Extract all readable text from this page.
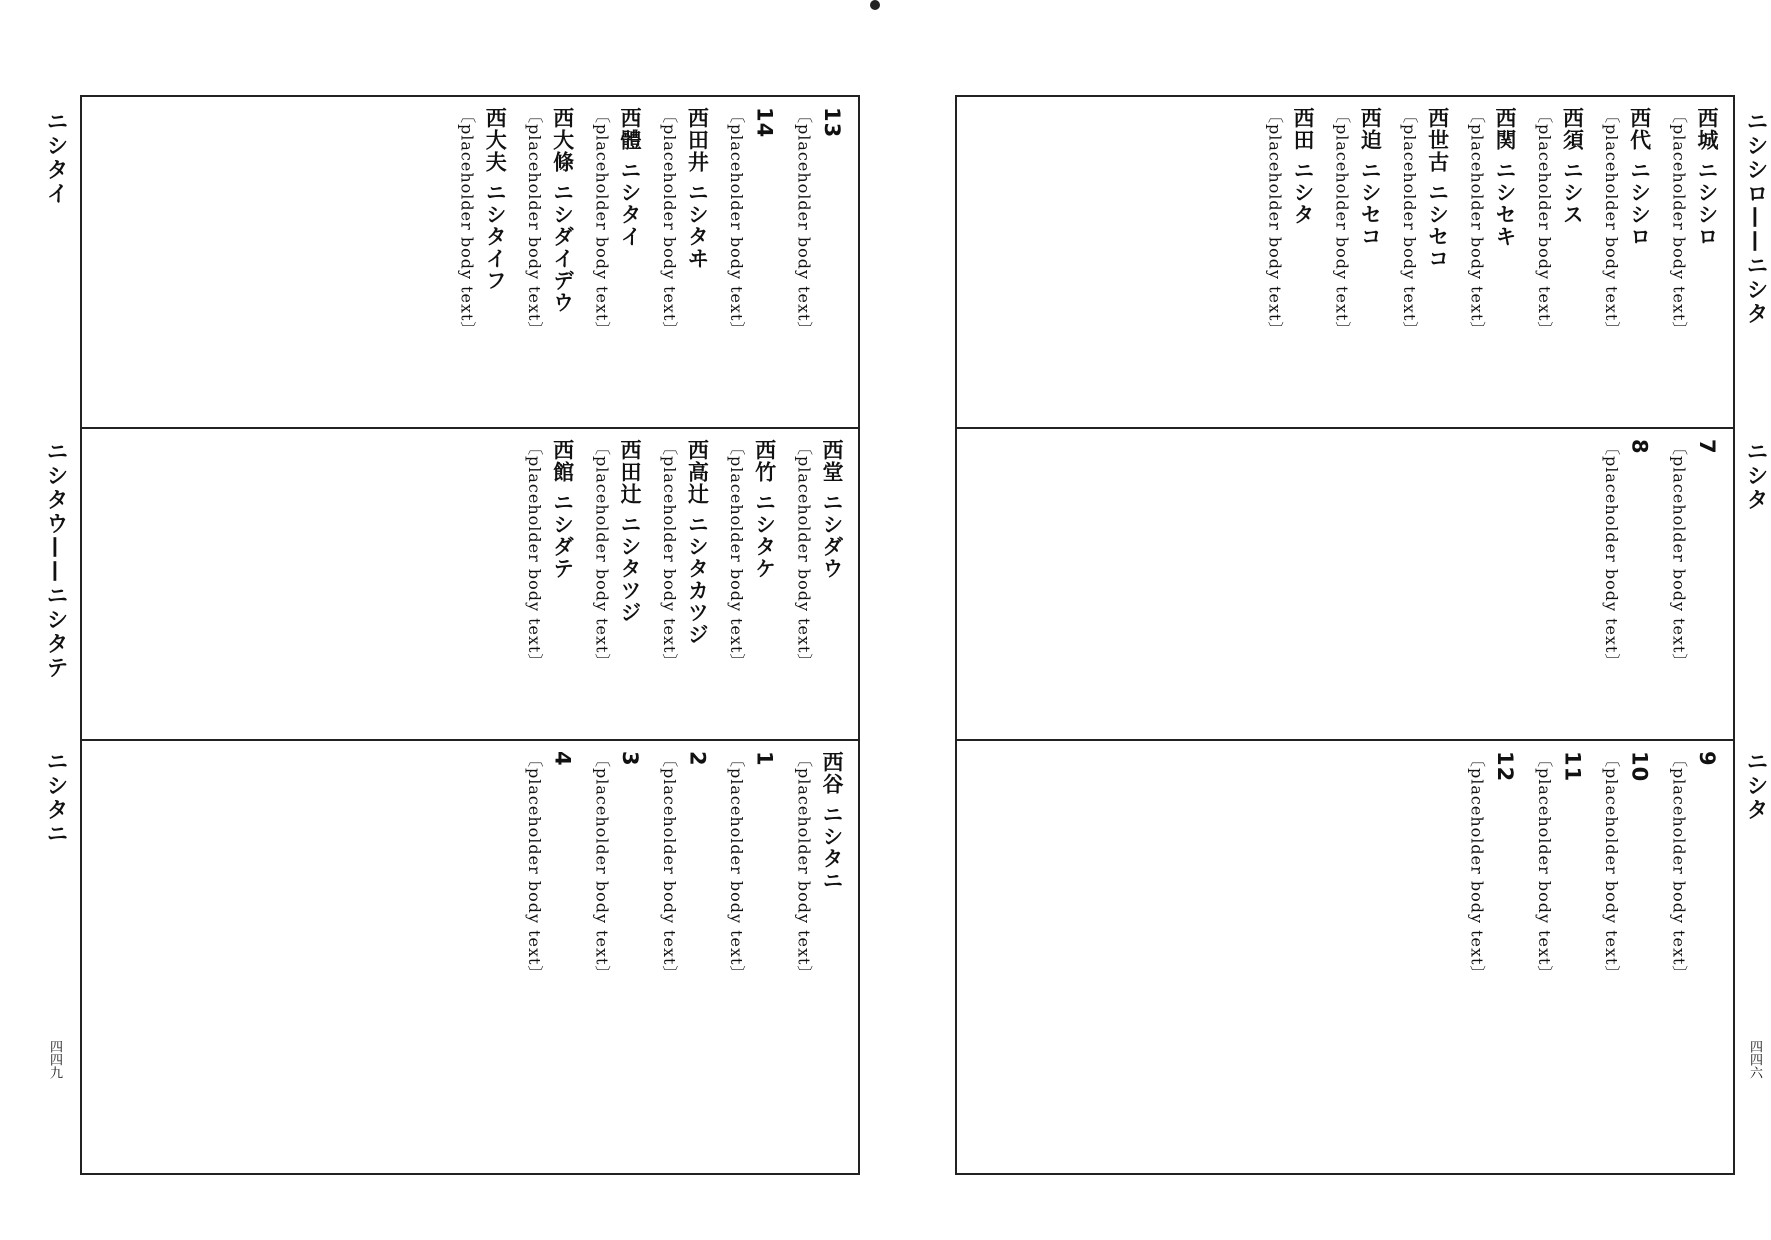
西城 ニシシロ

〔placeholder body text〕

西代 ニシシロ

〔placeholder body text〕

西須 ニシス

〔placeholder body text〕

西関 ニシセキ

〔placeholder body text〕

西世古 ニシセコ

〔placeholder body text〕

西迫 ニシセコ

〔placeholder body text〕

西田 ニシタ

〔placeholder body text〕

7

〔placeholder body text〕

8

〔placeholder body text〕

9

〔placeholder body text〕

10

〔placeholder body text〕

11

〔placeholder body text〕

12

〔placeholder body text〕

ニシシロ——ニシタ
ニシタ
ニシタ
四四六
13

〔placeholder body text〕

14

〔placeholder body text〕

西田井 ニシタヰ

〔placeholder body text〕

西體 ニシタイ

〔placeholder body text〕

西大條 ニシダイデウ

〔placeholder body text〕

西大夫 ニシタイフ

〔placeholder body text〕

西堂 ニシダウ

〔placeholder body text〕

西竹 ニシタケ

〔placeholder body text〕

西高辻 ニシタカツジ

〔placeholder body text〕

西田辻 ニシタツジ

〔placeholder body text〕

西館 ニシダテ

〔placeholder body text〕

西谷 ニシタニ

〔placeholder body text〕

1

〔placeholder body text〕

2

〔placeholder body text〕

3

〔placeholder body text〕

4

〔placeholder body text〕

ニシタイ
ニシタウ——ニシタテ
ニシタニ
四四九
